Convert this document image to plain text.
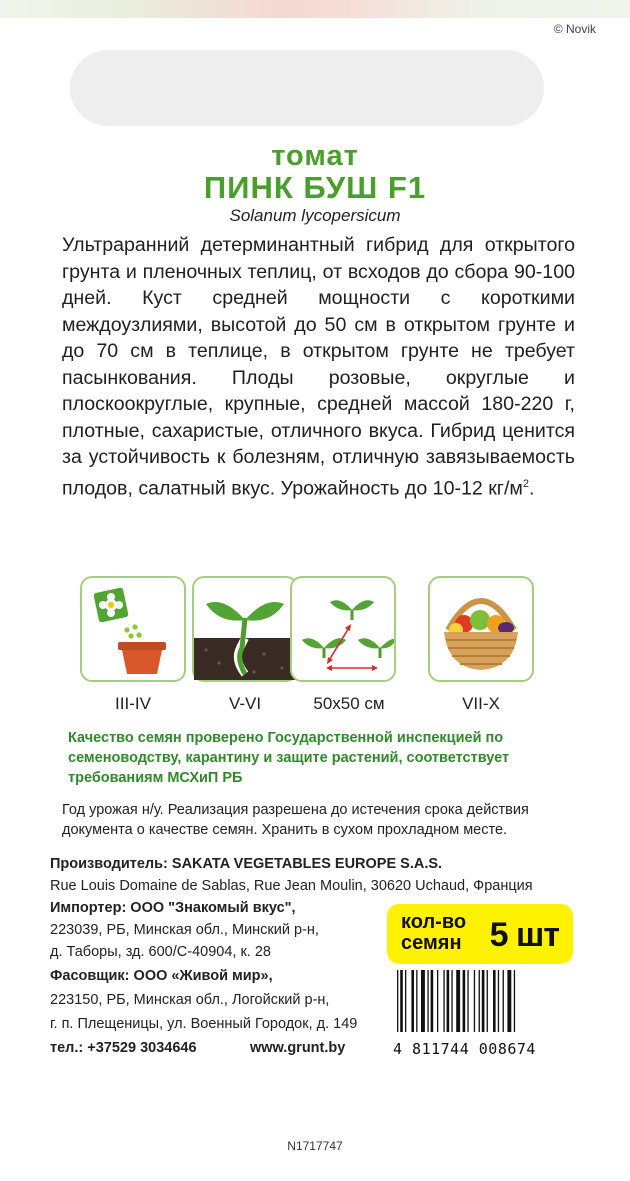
© Novik
томат
ПИНК БУШ F1
Solanum lycopersicum

Ультраранний детерминантный гибрид для открытого грунта и пленочных теплиц, от всходов до сбора 90-100 дней. Куст средней мощности с короткими междоузлиями, высотой до 50 см в открытом грунте и до 70 см в теплице, в открытом грунте не требует пасынкования. Плоды розовые, округлые и плоскоокруглые, крупные, средней массой 180-220 г, плотные, сахаристые, отличного вкуса. Гибрид ценится за устойчивость к болезням, отличную завязываемость плодов, салатный вкус. Урожайность до 10-12 $кг/м^2$.

III-IV	V-VI	50x50 см	VII-X

Качество семян проверено Государственной инспекцией по семеноводству, карантину и защите растений, соответствует требованиям МСХиП РБ

Год урожая н/у. Реализация разрешена до истечения срока действия документа о качестве семян. Хранить в сухом прохладном месте.

Производитель: SAKATA VEGETABLES EUROPE S.A.S.
Rue Louis Domaine de Sablas, Rue Jean Moulin, 30620 Uchaud, Франция
Импортер: ООО "Знакомый вкус",
223039, РБ, Минская обл., Минский р-н,
д. Таборы, зд. 600/С-40904, к. 28
Фасовщик: ООО «Живой мир»,
223150, РБ, Минская обл., Логойский р-н,
г. п. Плещеницы, ул. Военный Городок, д. 149
тел.: +37529 3034646	www.grunt.by
кол-во
семян 5 шт
4 811744 008674
N1717747
